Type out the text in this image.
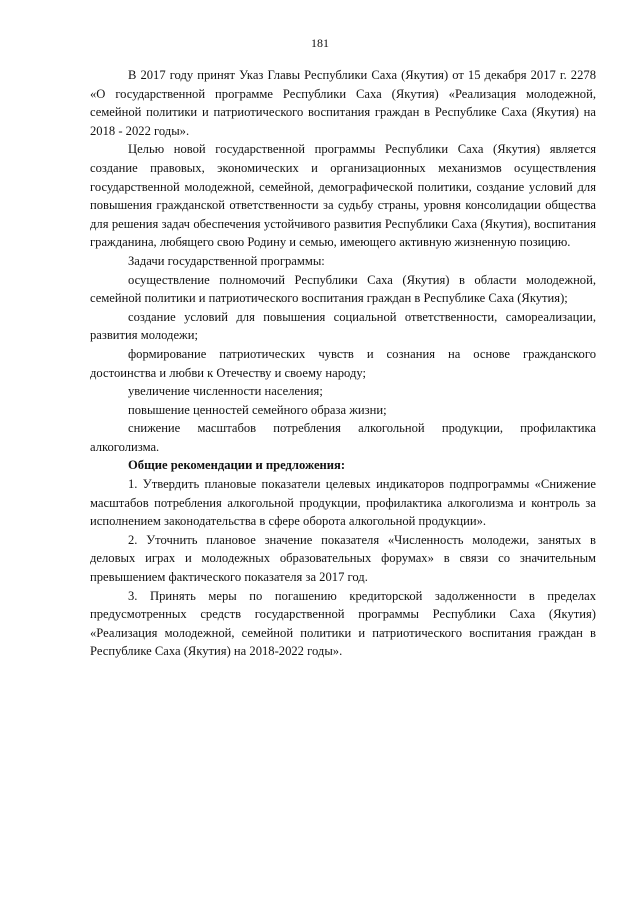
181

В 2017 году принят Указ Главы Республики Саха (Якутия) от 15 декабря 2017 г. 2278 «О государственной программе Республики Саха (Якутия) «Реализация молодежной, семейной политики и патриотического воспитания граждан в Республике Саха (Якутия) на 2018 - 2022 годы».

Целью новой государственной программы Республики Саха (Якутия) является создание правовых, экономических и организационных механизмов осуществления государственной молодежной, семейной, демографической политики, создание условий для повышения гражданской ответственности за судьбу страны, уровня консолидации общества для решения задач обеспечения устойчивого развития Республики Саха (Якутия), воспитания гражданина, любящего свою Родину и семью, имеющего активную жизненную позицию.

Задачи государственной программы:

осуществление полномочий Республики Саха (Якутия) в области молодежной, семейной политики и патриотического воспитания граждан в Республике Саха (Якутия);

создание условий для повышения социальной ответственности, самореализации, развития молодежи;

формирование патриотических чувств и сознания на основе гражданского достоинства и любви к Отечеству и своему народу;

увеличение численности населения;

повышение ценностей семейного образа жизни;

снижение масштабов потребления алкогольной продукции, профилактика алкоголизма.

Общие рекомендации и предложения:

1. Утвердить плановые показатели целевых индикаторов подпрограммы «Снижение масштабов потребления алкогольной продукции, профилактика алкоголизма и контроль за исполнением законодательства в сфере оборота алкогольной продукции».

2. Уточнить плановое значение показателя «Численность молодежи, занятых в деловых играх и молодежных образовательных форумах» в связи со значительным превышением фактического показателя за 2017 год.

3. Принять меры по погашению кредиторской задолженности в пределах предусмотренных средств государственной программы Республики Саха (Якутия) «Реализация молодежной, семейной политики и патриотического воспитания граждан в Республике Саха (Якутия) на 2018-2022 годы».
